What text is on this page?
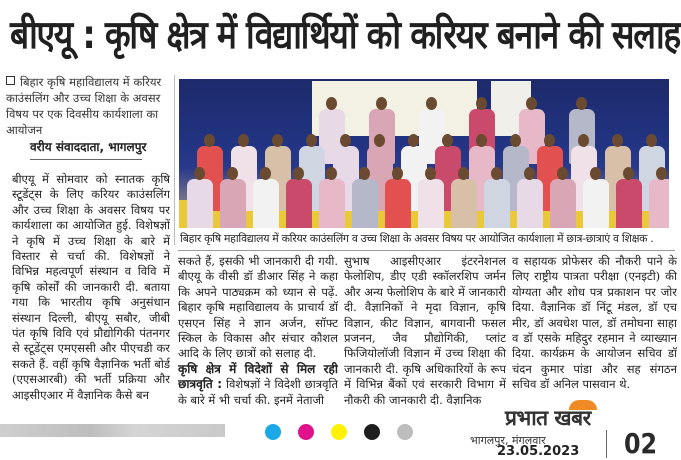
बीएयू : कृषि क्षेत्र में विद्यार्थियों को करियर बनाने की सलाह
बिहार कृषि महाविद्यालय में करियर काउंसलिंग और उच्च शिक्षा के अवसर विषय पर एक दिवसीय कार्यशाला का आयोजन
वरीय संवाददाता, भागलपुर
बिहार कृषि महाविद्यालय में करियर काउंसलिंग व उच्च शिक्षा के अवसर विषय पर आयोजित कार्यशाला में छात्र-छात्राएं व शिक्षक .
बीएयू में सोमवार को स्नातक कृषि स्टूडेंट्स के लिए करियर काउंसलिंग और उच्च शिक्षा के अवसर विषय पर कार्यशाला का आयोजित हुई. विशेषज्ञों ने कृषि में उच्च शिक्षा के बारे में विस्तार से चर्चा की. विशेषज्ञों ने विभिन्न महत्वपूर्ण संस्थान व विवि में कृषि कोर्सों की जानकारी दी. बताया गया कि भारतीय कृषि अनुसंधान संस्थान दिल्ली, बीएयू सबौर, जीबी पंत कृषि विवि एवं प्रौद्योगिकी पंतनगर से स्टूडेंट्स एमएससी और पीएचडी कर सकते हैं. वहीं कृषि वैज्ञानिक भर्ती बोर्ड (एएसआरबी) की भर्ती प्रक्रिया और आइसीएआर में वैज्ञानिक कैसे बन
सकते हैं, इसकी भी जानकारी दी गयी. बीएयू के वीसी डॉ डीआर सिंह ने कहा कि अपने पाठ्यक्रम को ध्यान से पढ़ें. बिहार कृषि महाविद्यालय के प्राचार्य डॉ एसएन सिंह ने ज्ञान अर्जन, सॉफ्ट स्किल के विकास और संचार कौशल आदि के लिए छात्रों को सलाह दी.
कृषि क्षेत्र में विदेशों से मिल रही छात्रवृति : विशेषज्ञों ने विदेशी छात्रवृति के बारे में भी चर्चा की. इनमें नेताजी
सुभाष आइसीएआर इंटरनेशनल फेलोशिप, डीए एडी स्कॉलरशिप जर्मन और अन्य फेलोशिप के बारे में जानकारी दी. वैज्ञानिकों ने मृदा विज्ञान, कृषि विज्ञान, कीट विज्ञान, बागवानी फसल प्रजनन, जैव प्रौद्योगिकी, प्लांट फिजियोलॉजी विज्ञान में उच्च शिक्षा की जानकारी दी. कृषि अधिकारियों के रूप में विभिन्न बैंकों एवं सरकारी विभाग में नौकरी की जानकारी दी. वैज्ञानिक
व सहायक प्रोफेसर की नौकरी पाने के लिए राष्ट्रीय पात्रता परीक्षा (एनइटी) की योग्यता और शोध पत्र प्रकाशन पर जोर दिया. वैज्ञानिक डॉ निंटू मंडल, डॉ एच मीर, डॉ अवधेश पाल, डॉ तमोघना साहा व डॉ एसके महिदुर रहमान ने व्याख्यान दिया. कार्यक्रम के आयोजन सचिव डॉ चंदन कुमार पांडा और सह संगठन सचिव डॉ अनिल पासवान थे.
प्रभात खबर
भागलपुर, मंगलवार
23.05.2023 02
